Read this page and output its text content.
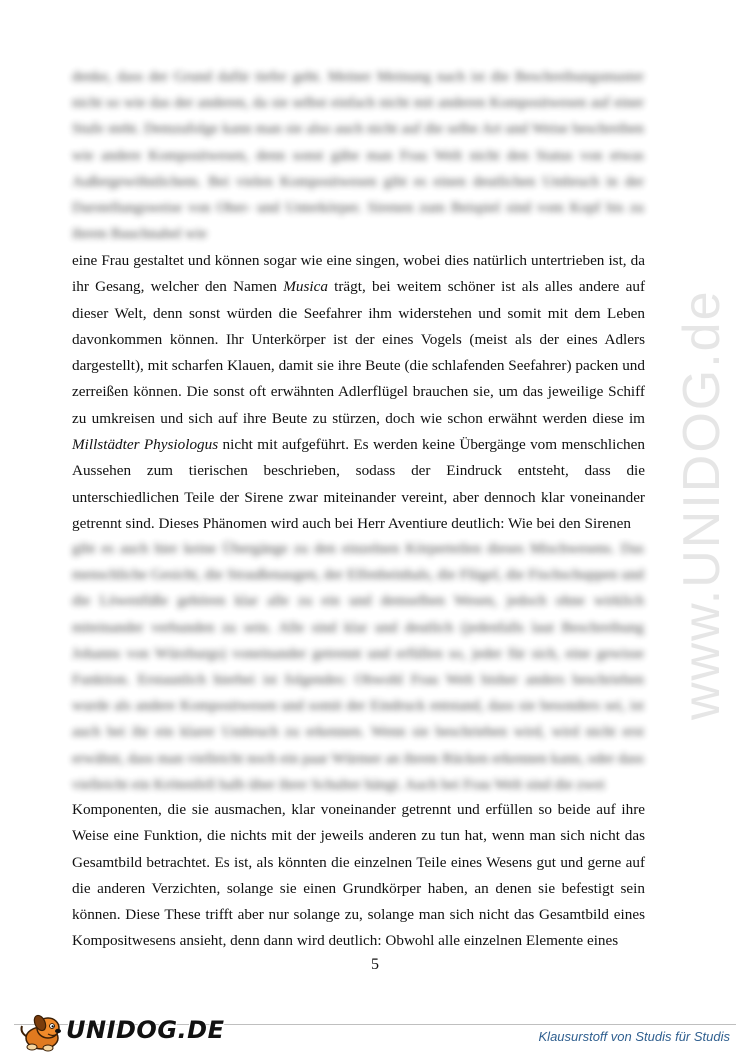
www.UNIDOG.de
denke, dass der Grund dafür tiefer geht. Meiner Meinung nach ist die Beschreibungsmuster nicht so wie das der anderen, da sie selbst einfach nicht mit anderen Kompositwesen auf einer Stufe steht. Demzufolge kann man sie also auch nicht auf die selbe Art und Weise beschreiben wie andere Kompositwesen, denn sonst gäbe man Frau Welt nicht den Status von etwas Außergewöhnlichem. Bei vielen Kompositwesen gibt es einen deutlichen Umbruch in der Darstellungsweise von Ober- und Unterkörper. Sirenen zum Beispiel sind vom Kopf bis zu ihrem Bauchnabel wie
eine Frau gestaltet und können sogar wie eine singen, wobei dies natürlich untertrieben ist, da
ihr Gesang, welcher den Namen Musica trägt, bei weitem schöner ist als alles andere auf
dieser Welt, denn sonst würden die Seefahrer ihm widerstehen und somit mit dem Leben
davonkommen können. Ihr Unterkörper ist der eines Vogels (meist als der eines Adlers
dargestellt), mit scharfen Klauen, damit sie ihre Beute (die schlafenden Seefahrer) packen und
zerreißen können. Die sonst oft erwähnten Adlerflügel brauchen sie, um das jeweilige Schiff
zu umkreisen und sich auf ihre Beute zu stürzen, doch wie schon erwähnt werden diese im
Millstädter Physiologus nicht mit aufgeführt. Es werden keine Übergänge vom menschlichen
Aussehen zum tierischen beschrieben, sodass der Eindruck entsteht, dass die
unterschiedlichen Teile der Sirene zwar miteinander vereint, aber dennoch klar voneinander
getrennt sind. Dieses Phänomen wird auch bei Herr Aventiure deutlich: Wie bei den Sirenen
gibt es auch hier keine Übergänge zu den einzelnen Körperteilen dieses Mischwesens. Das menschliche Gesicht, die Straußenaugen, der Elfenbeinhals, die Flügel, die Fischschuppen und die Löwenfüße gehören klar alle zu ein und demselben Wesen, jedoch ohne wirklich miteinander verbunden zu sein. Alle sind klar und deutlich (jedenfalls laut Beschreibung Johanns von Würzburgs) voneinander getrennt und erfüllen so, jeder für sich, eine gewisse Funktion. Erstaunlich hierbei ist folgendes: Obwohl Frau Welt bisher anders beschrieben wurde als andere Kompositwesen und somit der Eindruck entstand, dass sie besonders sei, ist auch bei ihr ein klarer Umbruch zu erkennen. Wenn sie beschrieben wird, wird nicht erst erwähnt, dass man vielleicht noch ein paar Würmer an ihrem Rücken erkennen kann, oder dass vielleicht ein Krötenfell halb über ihrer Schulter hängt. Auch bei Frau Welt sind die zwei
Komponenten, die sie ausmachen, klar voneinander getrennt und erfüllen so beide auf ihre
Weise eine Funktion, die nichts mit der jeweils anderen zu tun hat, wenn man sich nicht das
Gesamtbild betrachtet. Es ist, als könnten die einzelnen Teile eines Wesens gut und gerne auf
die anderen Verzichten, solange sie einen Grundkörper haben, an denen sie befestigt sein
können. Diese These trifft aber nur solange zu, solange man sich nicht das Gesamtbild eines
Kompositwesens ansieht, denn dann wird deutlich: Obwohl alle einzelnen Elemente eines
5
UNIDOG.DE	Klausurstoff von Studis für Studis
